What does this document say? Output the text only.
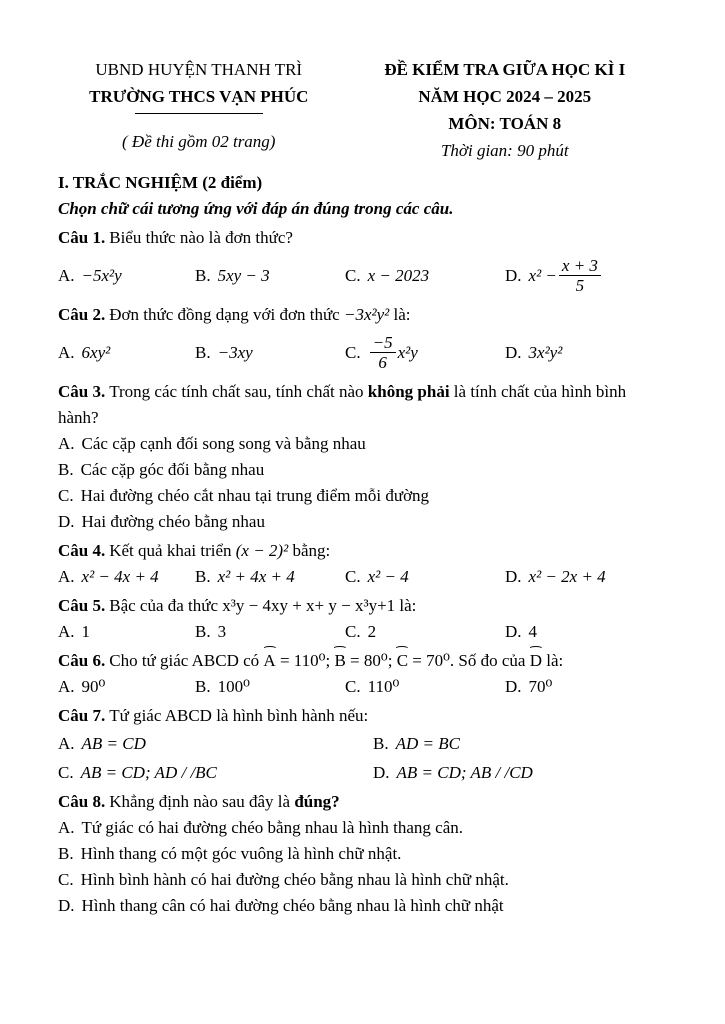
UBND HUYỆN THANH TRÌ
TRƯỜNG THCS VẠN PHÚC
( Đề thi gồm 02 trang)
ĐỀ KIỂM TRA GIỮA HỌC KÌ I
NĂM HỌC 2024 – 2025
MÔN: TOÁN 8
Thời gian: 90 phút
I. TRẮC NGHIỆM (2 điểm)
Chọn chữ cái tương ứng với đáp án đúng trong các câu.

Câu 1. Biểu thức nào là đơn thức?

A. −5x²y	B. 5xy − 3	C. x − 2023	D. $x^2 - \frac{x + 3}{5}$

Câu 2. Đơn thức đồng dạng với đơn thức −3x²y² là:

A. 6xy²	B. −3xy	C. $\frac{-5}{6} x^2y$	D. 3x²y²

Câu 3. Trong các tính chất sau, tính chất nào không phải là tính chất của hình bình hành?

A. Các cặp cạnh đối song song và bằng nhau

B. Các cặp góc đối bằng nhau

C. Hai đường chéo cắt nhau tại trung điểm mỗi đường

D. Hai đường chéo bằng nhau

Câu 4. Kết quả khai triển (x − 2)² bằng:

A. x² − 4x + 4	B. x² + 4x + 4	C. x² − 4	D. x² − 2x + 4

Câu 5. Bậc của đa thức x³y − 4xy + x+ y − x³y+1 là:

A. 1	B. 3	C. 2	D. 4

Câu 6. Cho tứ giác ABCD có
⌢
A = 110⁰;
⌢
B = 80⁰;
⌢
C = 70⁰. Số đo của
⌢
D là:

A. 90⁰	B. 100⁰	C. 110⁰	D. 70⁰

Câu 7. Tứ giác ABCD là hình bình hành nếu:

A. AB = CD	B. AD = BC
C. AB = CD; AD / /BC	D. AB = CD; AB / /CD

Câu 8. Khẳng định nào sau đây là đúng?

A. Tứ giác có hai đường chéo bằng nhau là hình thang cân.

B. Hình thang có một góc vuông là hình chữ nhật.

C. Hình bình hành có hai đường chéo bằng nhau là hình chữ nhật.

D. Hình thang cân có hai đường chéo bằng nhau là hình chữ nhật
